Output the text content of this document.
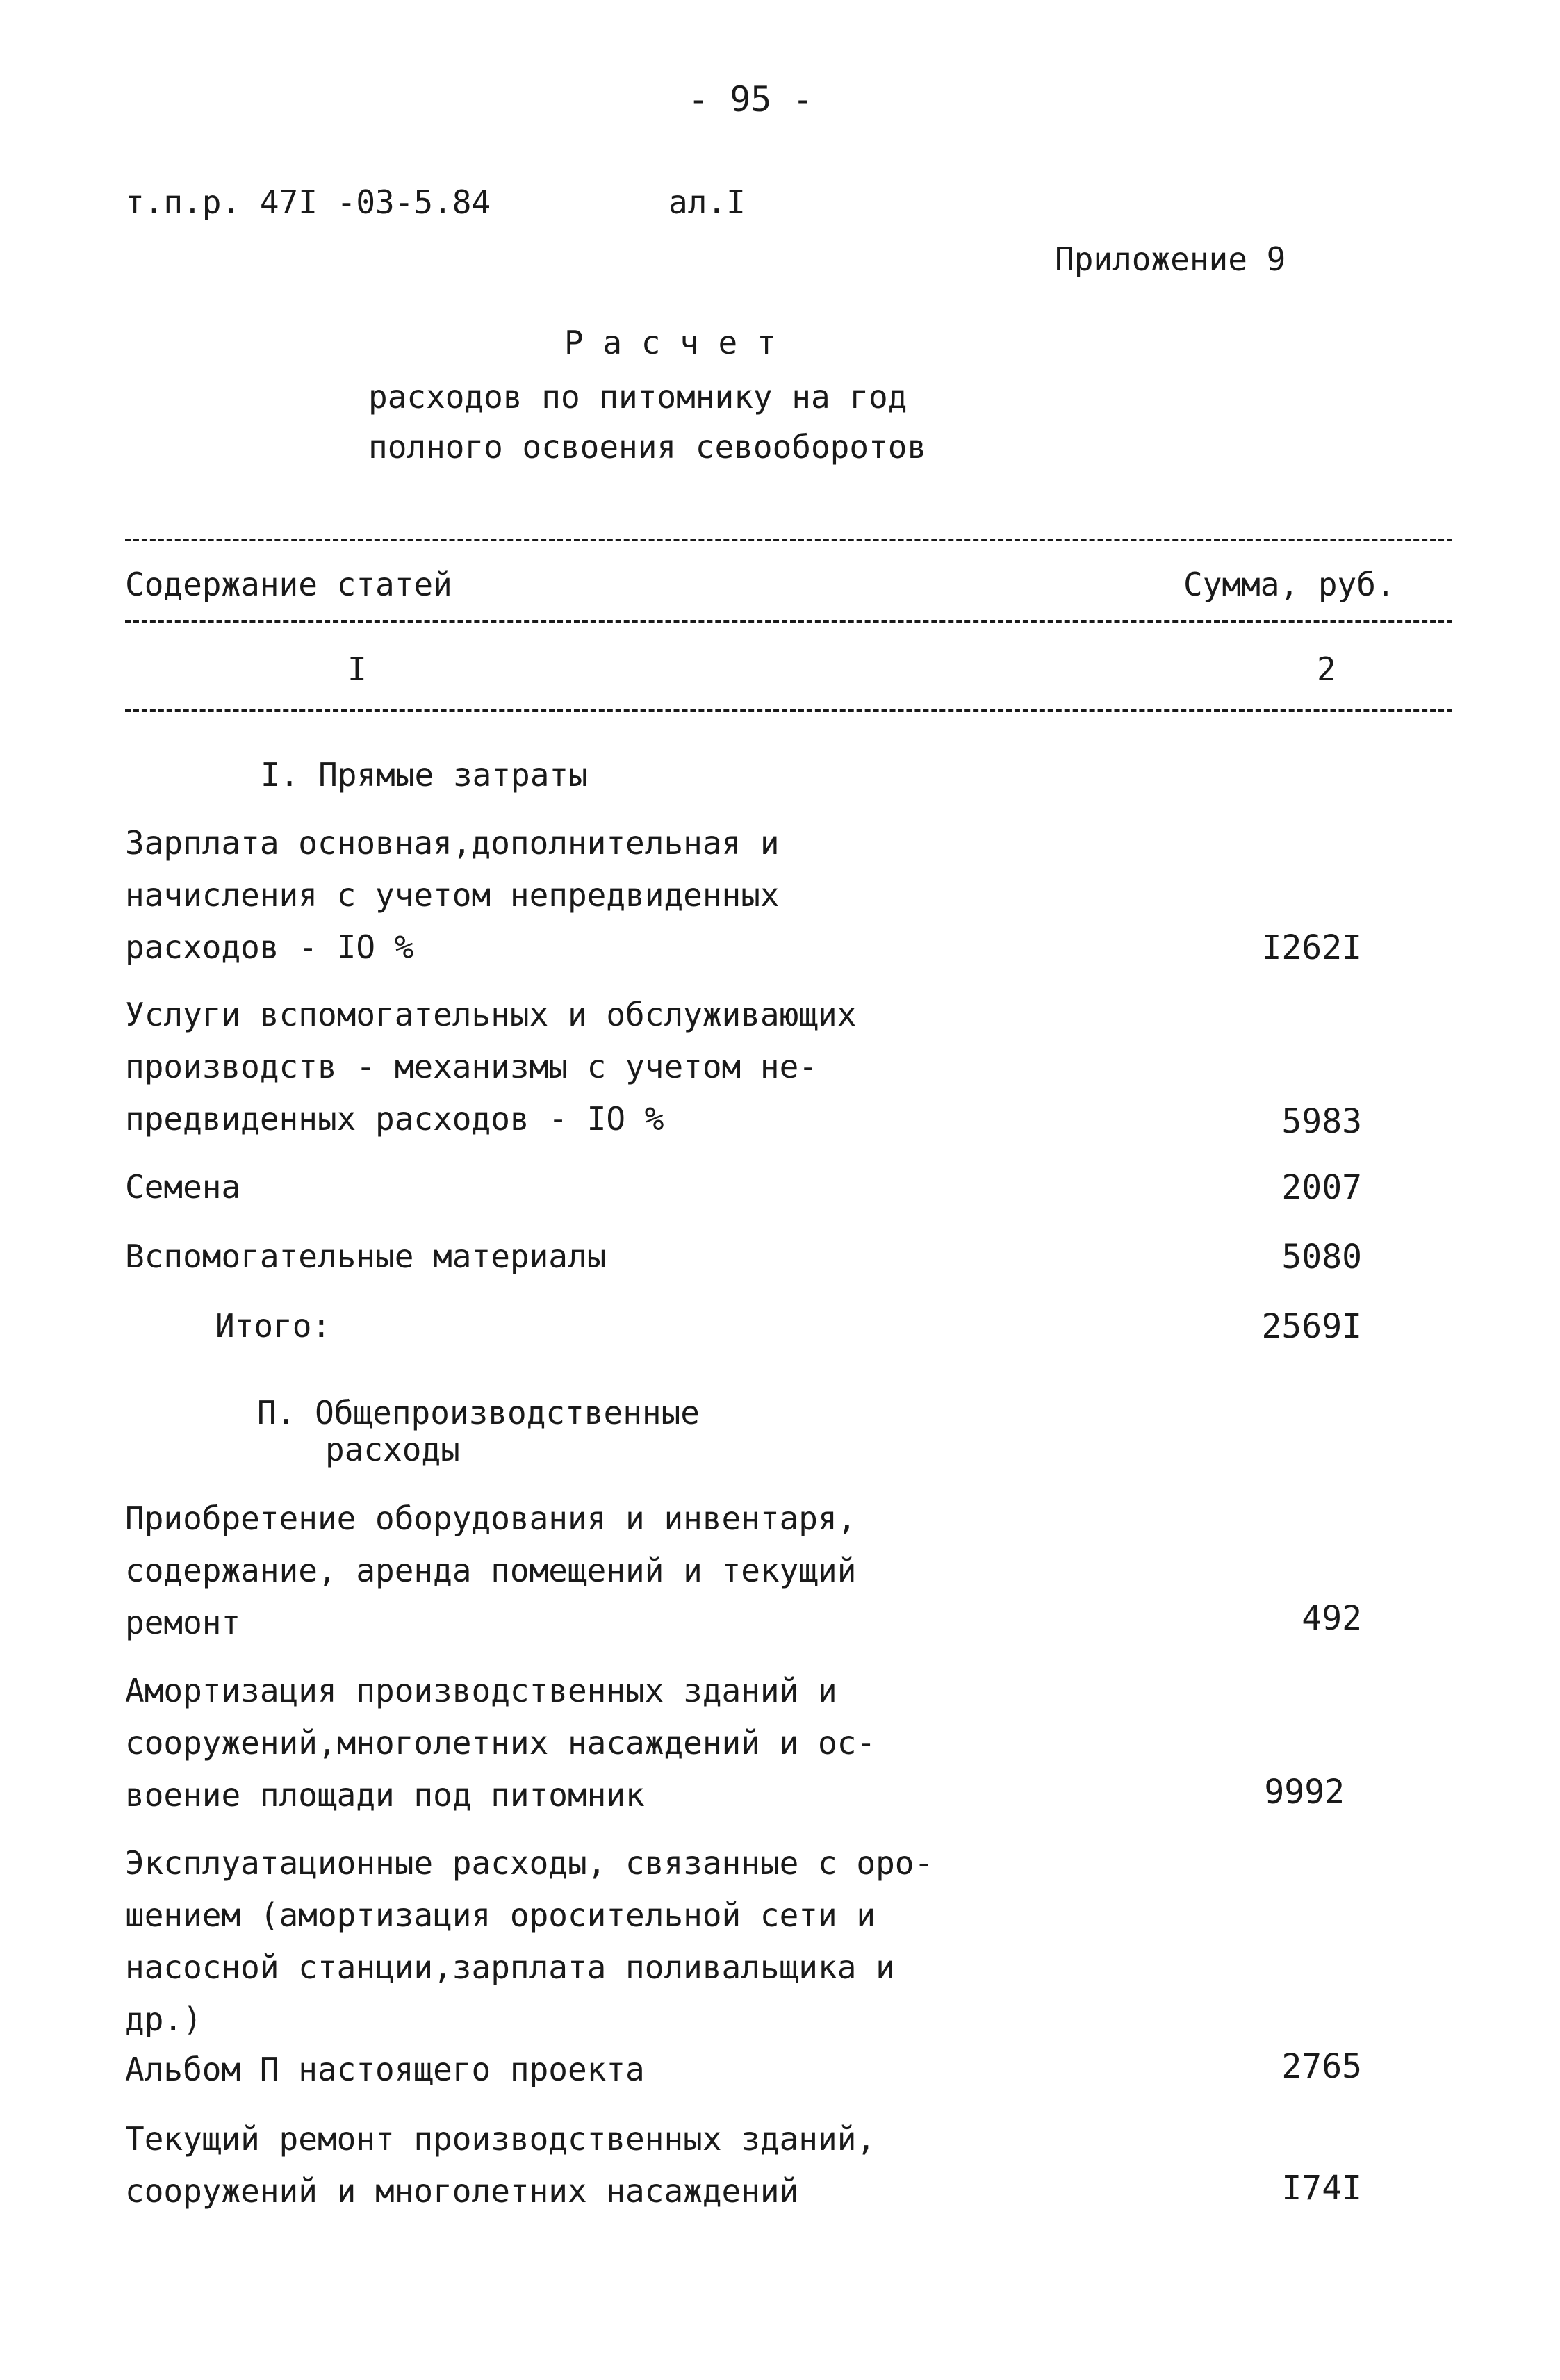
- 95 -
т.п.р. 47I -03-5.84	ал.I
Приложение 9
Р а с ч е т
расходов по питомнику на год
полного освоения севооборотов
Содержание статей	Сумма, руб.
I	2
I. Прямые затраты
Зарплата основная,дополнительная и
начисления с учетом непредвиденных
расходов - IO %	I262I
Услуги вспомогательных и обслуживающих
производств - механизмы с учетом не-
предвиденных расходов - IO %	5983
Семена	2007
Вспомогательные материалы	5080
Итого:	2569I
П. Общепроизводственные
расходы
Приобретение оборудования и инвентаря,
содержание, аренда помещений и текущий
ремонт	492
Амортизация производственных зданий и
сооружений,многолетних насаждений и ос-
воение площади под питомник	9992
Эксплуатационные расходы, связанные с оро-
шением (амортизация оросительной сети и
насосной станции,зарплата поливальщика и
др.)
Альбом П настоящего проекта	2765
Текущий ремонт производственных зданий,
сооружений и многолетних насаждений	I74I
